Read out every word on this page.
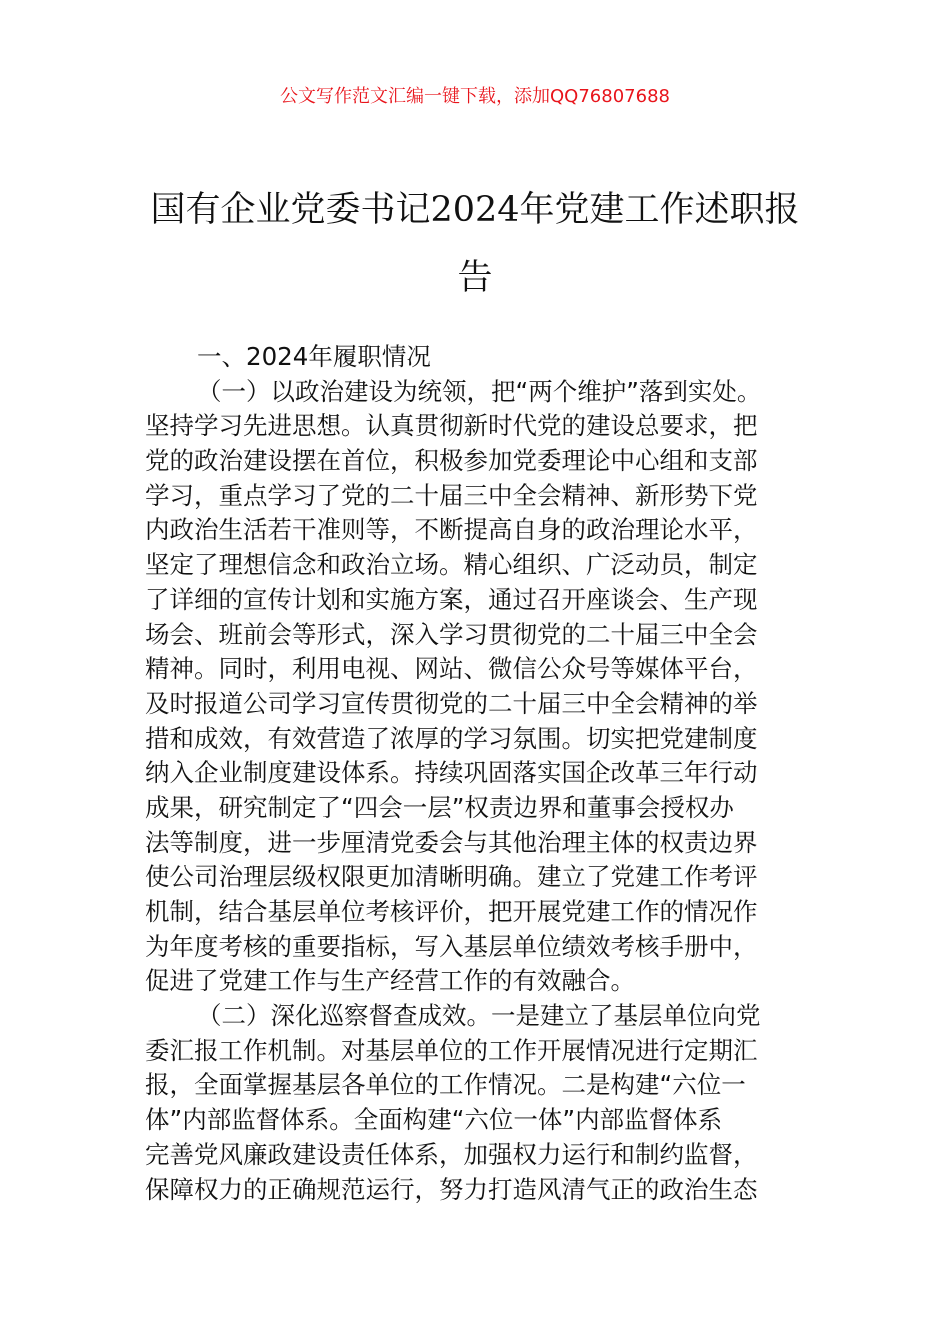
公文写作范文汇编一键下载，添加QQ76807688
国有企业党委书记2024年党建工作述职报
告
一、2024年履职情况
（一）以政治建设为统领，把“两个维护”落到实处。
坚持学习先进思想。认真贯彻新时代党的建设总要求，把
党的政治建设摆在首位，积极参加党委理论中心组和支部
学习，重点学习了党的二十届三中全会精神、新形势下党
内政治生活若干准则等，不断提高自身的政治理论水平，
坚定了理想信念和政治立场。精心组织、广泛动员，制定
了详细的宣传计划和实施方案，通过召开座谈会、生产现
场会、班前会等形式，深入学习贯彻党的二十届三中全会
精神。同时，利用电视、网站、微信公众号等媒体平台，
及时报道公司学习宣传贯彻党的二十届三中全会精神的举
措和成效，有效营造了浓厚的学习氛围。切实把党建制度
纳入企业制度建设体系。持续巩固落实国企改革三年行动
成果，研究制定了“四会一层”权责边界和董事会授权办
法等制度，进一步厘清党委会与其他治理主体的权责边界
使公司治理层级权限更加清晰明确。建立了党建工作考评
机制，结合基层单位考核评价，把开展党建工作的情况作
为年度考核的重要指标，写入基层单位绩效考核手册中，
促进了党建工作与生产经营工作的有效融合。
（二）深化巡察督查成效。一是建立了基层单位向党
委汇报工作机制。对基层单位的工作开展情况进行定期汇
报，全面掌握基层各单位的工作情况。二是构建“六位一
体”内部监督体系。全面构建“六位一体”内部监督体系
完善党风廉政建设责任体系，加强权力运行和制约监督，
保障权力的正确规范运行，努力打造风清气正的政治生态
